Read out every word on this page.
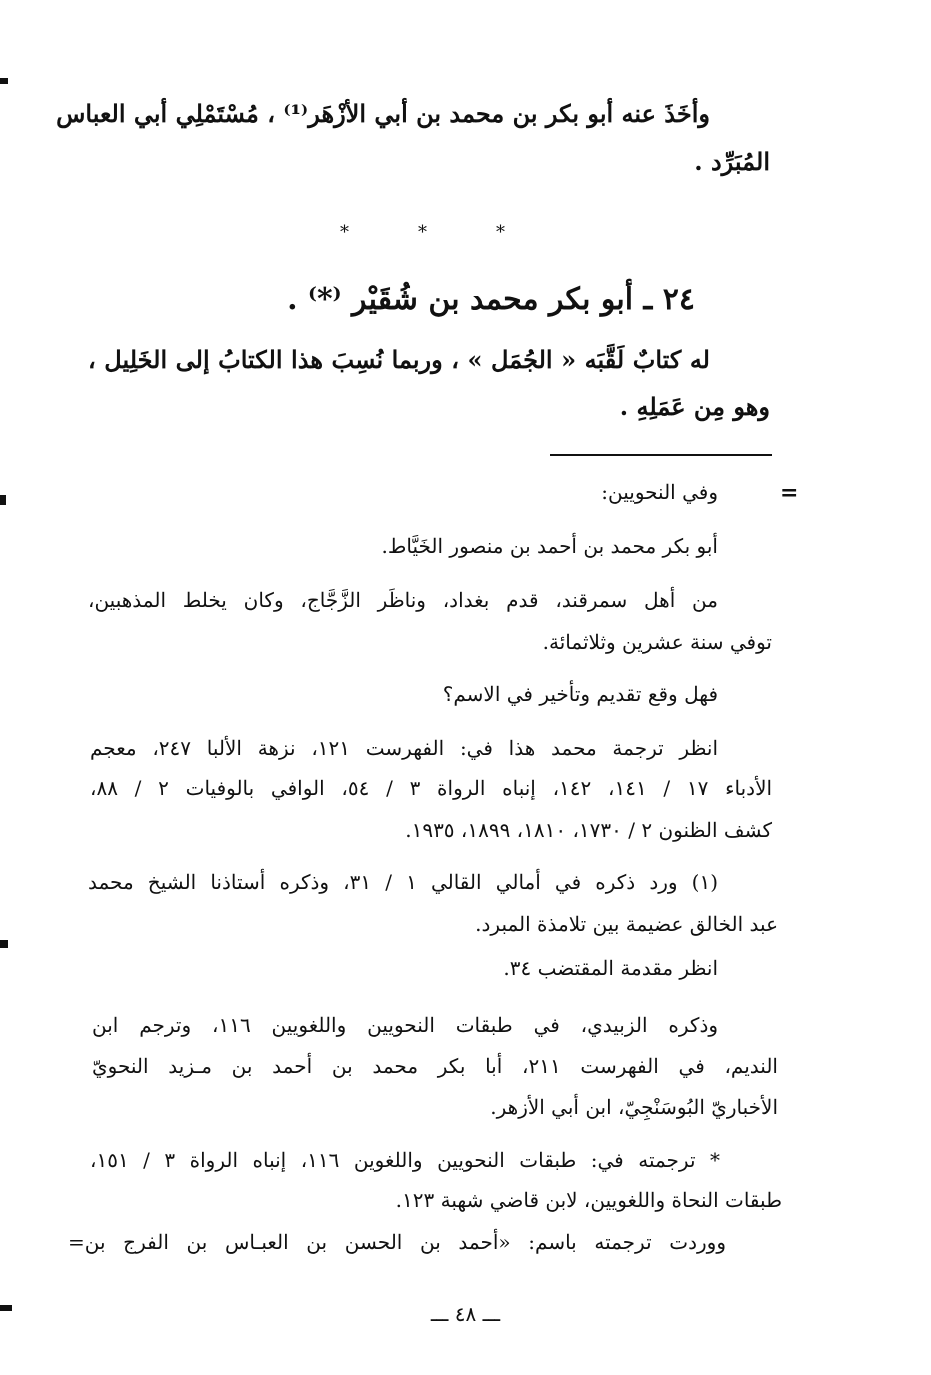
وأخَذَ عنه أبو بكر بن محمد بن أبي الأزْهَر⁽¹⁾ ، مُسْتَمْلِي أبي العباس

المُبَرِّد .

*	*	*
٢٤ ـ أبو بكر محمد بن شُقَيْر ⁽*⁾ .

له كتابٌ لَقَّبَه « الجُمَل » ، وربما نُسِبَ هذا الكتابُ إلى الخَلِيل ،

وهو مِن عَمَلِهِ .

=

وفي النحويين:

أبو بكر محمد بن أحمد بن منصور الخَيَّاط.

من أهل سمرقند، قدم بغداد، وناظَر الزَّجَّاج، وكان يخلط المذهبين،

توفي سنة عشرين وثلاثمائة.

فهل وقع تقديم وتأخير في الاسم؟

انظر ترجمة محمد هذا في: الفهرست ١٢١، نزهة الألبا ٢٤٧، معجم

الأدباء ١٧ / ١٤١، ١٤٢، إنباه الرواة ٣ / ٥٤، الوافي بالوفيات ٢ / ٨٨،

كشف الظنون ٢ / ١٧٣٠، ١٨١٠، ١٨٩٩، ١٩٣٥.

(١) ورد ذكره في أمالي القالي ١ / ٣١، وذكره أستاذنا الشيخ محمد

عبد الخالق عضيمة بين تلامذة المبرد.

انظر مقدمة المقتضب ٣٤.

وذكره الزبيدي، في طبقات النحويين واللغويين ١١٦، وترجم ابن

النديم، في الفهرست ٢١١، أبا بكر محمد بن أحمد بن مـزيد النحويّ

الأخباريّ البُوسَنْجِيّ، ابن أبي الأزهر.

* ترجمته في: طبقات النحويين واللغوين ١١٦، إنباه الرواة ٣ / ١٥١،

طبقات النحاة واللغويين، لابن قاضي شهبة ١٢٣.

ووردت ترجمته باسم: «أحمد بن الحسن بن العبـاس بن الفرج بن=

ـــ ٤٨ ـــ
